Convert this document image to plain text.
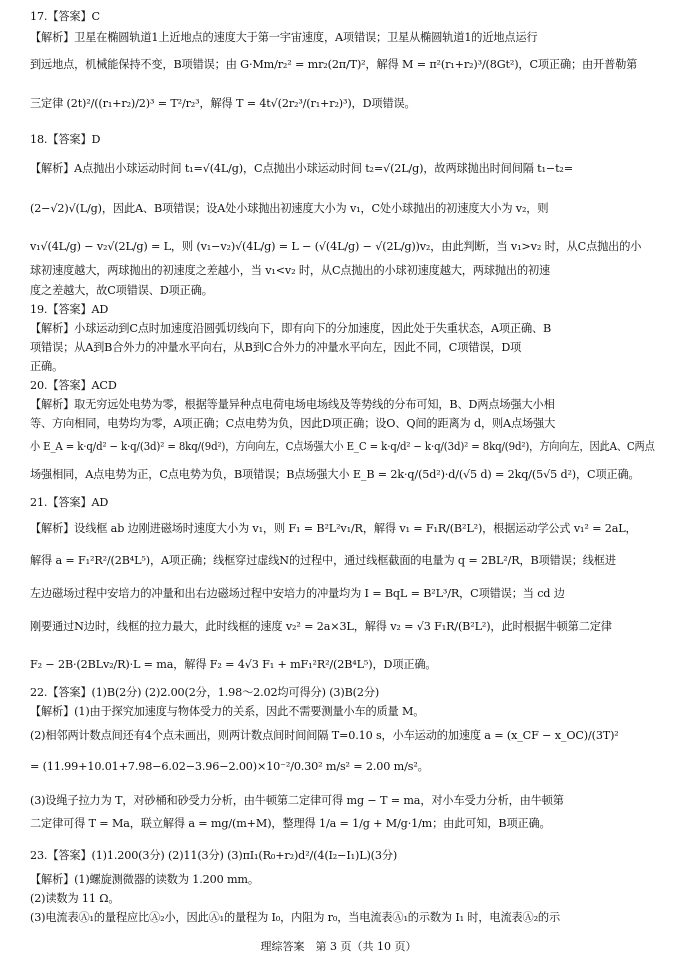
17.【答案】C
【解析】卫星在椭圆轨道1上近地点的速度大于第一宇宙速度，A项错误；卫星从椭圆轨道1的近地点运行
到远地点，机械能保持不变，B项错误；由 G·Mm/r₂² = mr₂(2π/T)²，解得 M = π²(r₁+r₂)³/(8Gt²)，C项正确；由开普勒第
三定律 (2t)²/((r₁+r₂)/2)³ = T²/r₂³，解得 T = 4t√(2r₂³/(r₁+r₂)³)，D项错误。
18.【答案】D
【解析】A点抛出小球运动时间 t₁=√(4L/g)，C点抛出小球运动时间 t₂=√(2L/g)，故两球抛出时间间隔 t₁−t₂=
(2−√2)√(L/g)，因此A、B项错误；设A处小球抛出初速度大小为 v₁，C处小球抛出的初速度大小为 v₂，则
v₁√(4L/g) − v₂√(2L/g) = L，则 (v₁−v₂)√(4L/g) = L − (√(4L/g) − √(2L/g))v₂，由此判断，当 v₁>v₂ 时，从C点抛出的小
球初速度越大，两球抛出的初速度之差越小，当 v₁<v₂ 时，从C点抛出的小球初速度越大，两球抛出的初速
度之差越大，故C项错误、D项正确。
19.【答案】AD
【解析】小球运动到C点时加速度沿圆弧切线向下，即有向下的分加速度，因此处于失重状态，A项正确、B
项错误；从A到B合外力的冲量水平向右，从B到C合外力的冲量水平向左，因此不同，C项错误，D项
正确。
20.【答案】ACD
【解析】取无穷远处电势为零，根据等量异种点电荷电场电场线及等势线的分布可知，B、D两点场强大小相
等、方向相同，电势均为零，A项正确；C点电势为负，因此D项正确；设O、Q间的距离为 d，则A点场强大
小 E_A = k·q/d² − k·q/(3d)² = 8kq/(9d²)，方向向左，C点场强大小 E_C = k·q/d² − k·q/(3d)² = 8kq/(9d²)，方向向左，因此A、C两点
场强相同，A点电势为正，C点电势为负，B项错误；B点场强大小 E_B = 2k·q/(5d²)·d/(√5 d) = 2kq/(5√5 d²)，C项正确。
21.【答案】AD
【解析】设线框 ab 边刚进磁场时速度大小为 v₁，则 F₁ = B²L²v₁/R，解得 v₁ = F₁R/(B²L²)，根据运动学公式 v₁² = 2aL，
解得 a = F₁²R²/(2B⁴L⁵)，A项正确；线框穿过虚线N的过程中，通过线框截面的电量为 q = 2BL²/R，B项错误；线框进
左边磁场过程中安培力的冲量和出右边磁场过程中安培力的冲量均为 I = BqL = B²L³/R，C项错误；当 cd 边
刚要通过N边时，线框的拉力最大，此时线框的速度 v₂² = 2a×3L，解得 v₂ = √3 F₁R/(B²L²)，此时根据牛顿第二定律
F₂ − 2B·(2BLv₂/R)·L = ma，解得 F₂ = 4√3 F₁ + mF₁²R²/(2B⁴L⁵)，D项正确。
22.【答案】(1)B(2分) (2)2.00(2分，1.98～2.02均可得分) (3)B(2分)
【解析】(1)由于探究加速度与物体受力的关系，因此不需要测量小车的质量 M。
(2)相邻两计数点间还有4个点未画出，则两计数点间时间间隔 T=0.10 s，小车运动的加速度 a = (x_CF − x_OC)/(3T)²
= (11.99+10.01+7.98−6.02−3.96−2.00)×10⁻²/0.30² m/s² = 2.00 m/s²。
(3)设绳子拉力为 T，对砂桶和砂受力分析，由牛顿第二定律可得 mg − T = ma，对小车受力分析，由牛顿第
二定律可得 T = Ma，联立解得 a = mg/(m+M)，整理得 1/a = 1/g + M/g·1/m；由此可知，B项正确。
23.【答案】(1)1.200(3分) (2)11(3分) (3)πI₁(R₀+r₂)d²/(4(I₂−I₁)L)(3分)
【解析】(1)螺旋测微器的读数为 1.200 mm。
(2)读数为 11 Ω。
(3)电流表Ⓐ₁的量程应比Ⓐ₂小，因此Ⓐ₁的量程为 I₀，内阻为 r₀，当电流表Ⓐ₁的示数为 I₁ 时，电流表Ⓐ₂的示
理综答案　第 3 页（共 10 页）
